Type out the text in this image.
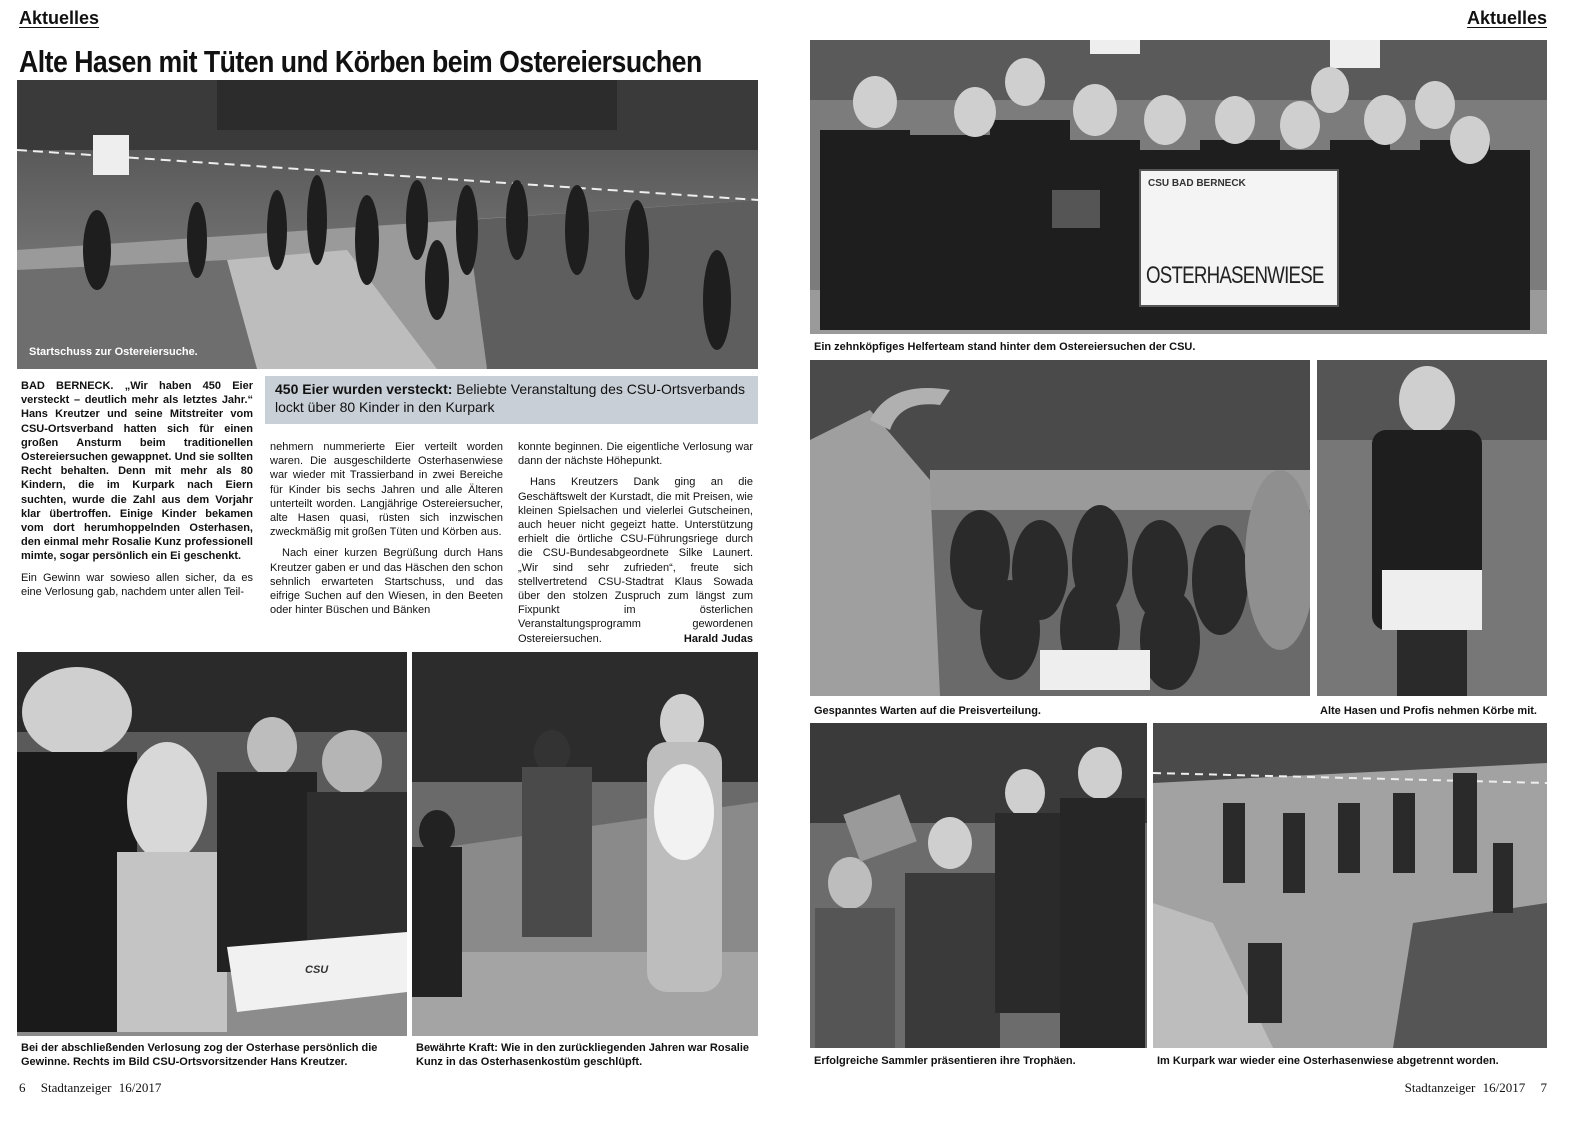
Aktuelles
Alte Hasen mit Tüten und Körben beim Ostereiersuchen
Startschuss zur Ostereiersuche.

BAD BERNECK. „Wir haben 450 Eier versteckt – deutlich mehr als letztes Jahr.“ Hans Kreutzer und seine Mitstreiter vom CSU-Ortsverband hatten sich für einen großen Ansturm beim traditionellen Ostereiersuchen gewappnet. Und sie sollten Recht behalten. Denn mit mehr als 80 Kindern, die im Kurpark nach Eiern suchten, wurde die Zahl aus dem Vorjahr klar übertroffen. Einige Kinder bekamen vom dort herumhoppelnden Osterhasen, den einmal mehr Rosalie Kunz professionell mimte, sogar persönlich ein Ei geschenkt.

Ein Gewinn war sowieso allen sicher, da es eine Verlosung gab, nachdem unter allen Teil-

450 Eier wurden versteckt: Beliebte Veranstaltung des CSU-Ortsverbands lockt über 80 Kinder in den Kurpark

nehmern nummerierte Eier verteilt worden waren. Die ausgeschilderte Osterhasenwiese war wieder mit Trassierband in zwei Bereiche für Kinder bis sechs Jahren und alle Älteren unterteilt worden. Langjährige Ostereiersucher, alte Hasen quasi, rüsten sich inzwischen zweckmäßig mit großen Tüten und Körben aus.

Nach einer kurzen Begrüßung durch Hans Kreutzer gaben er und das Häschen den schon sehnlich erwarteten Startschuss, und das eifrige Suchen auf den Wiesen, in den Beeten oder hinter Büschen und Bänken

konnte beginnen. Die eigentliche Verlosung war dann der nächste Höhepunkt.

Hans Kreutzers Dank ging an die Geschäftswelt der Kurstadt, die mit Preisen, wie kleinen Spielsachen und vielerlei Gutscheinen, auch heuer nicht gegeizt hatte. Unterstützung erhielt die örtliche CSU-Führungsriege durch die CSU-Bundesabgeordnete Silke Launert. „Wir sind sehr zufrieden“, freute sich stellvertretend CSU-Stadtrat Klaus Sowada über den stolzen Zuspruch zum längst zum Fixpunkt im österlichen Veranstaltungsprogramm gewordenen Ostereiersuchen.	Harald Judas

CSU
Bei der abschließenden Verlosung zog der Osterhase persönlich die Gewinne. Rechts im Bild CSU-Ortsvorsitzender Hans Kreutzer.
Bewährte Kraft: Wie in den zurückliegenden Jahren war Rosalie Kunz in das Osterhasenkostüm geschlüpft.
6 Stadtanzeiger 16/2017
Aktuelles
CSU BAD BERNECK
OSTERHASENWIESE
Ein zehnköpfiges Helferteam stand hinter dem Ostereiersuchen der CSU.
Gespanntes Warten auf die Preisverteilung.	Alte Hasen und Profis nehmen Körbe mit.
Erfolgreiche Sammler präsentieren ihre Trophäen.	Im Kurpark war wieder eine Osterhasenwiese abgetrennt worden.
Stadtanzeiger 16/2017 7
